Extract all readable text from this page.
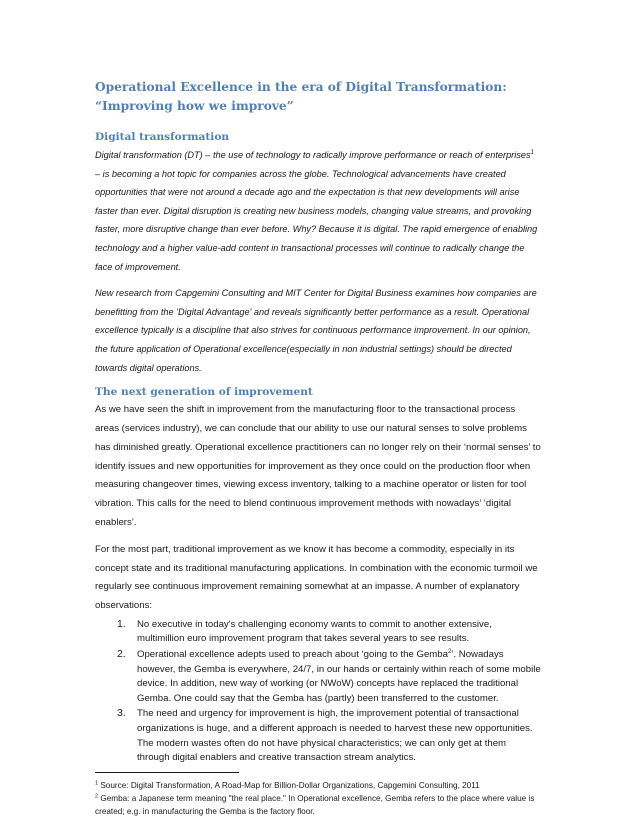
Operational Excellence in the era of Digital Transformation: “Improving how we improve”
Digital transformation

Digital transformation (DT) – the use of technology to radically improve performance or reach of enterprises$^1$ – is becoming a hot topic for companies across the globe. Technological advancements have created opportunities that were not around a decade ago and the expectation is that new developments will arise faster than ever. Digital disruption is creating new business models, changing value streams, and provoking faster, more disruptive change than ever before. Why? Because it is digital. The rapid emergence of enabling technology and a higher value-add content in transactional processes will continue to radically change the face of improvement.

New research from Capgemini Consulting and MIT Center for Digital Business examines how companies are benefitting from the 'Digital Advantage' and reveals significantly better performance as a result. Operational excellence typically is a discipline that also strives for continuous performance improvement. In our opinion, the future application of Operational excellence(especially in non industrial settings) should be directed towards digital operations.

The next generation of improvement

As we have seen the shift in improvement from the manufacturing floor to the transactional process areas (services industry), we can conclude that our ability to use our natural senses to solve problems has diminished greatly. Operational excellence practitioners can no longer rely on their ‘normal senses’ to identify issues and new opportunities for improvement as they once could on the production floor when measuring changeover times, viewing excess inventory, talking to a machine operator or listen for tool vibration. This calls for the need to blend continuous improvement methods with nowadays’ ‘digital enablers’.

For the most part, traditional improvement as we know it has become a commodity, especially in its concept state and its traditional manufacturing applications. In combination with the economic turmoil we regularly see continuous improvement remaining somewhat at an impasse. A number of explanatory observations:

1. No executive in today's challenging economy wants to commit to another extensive, multimillion euro improvement program that takes several years to see results.
2. Operational excellence adepts used to preach about ‘going to the Gemba$^2$’. Nowadays however, the Gemba is everywhere, 24/7, in our hands or certainly within reach of some mobile device. In addition, new way of working (or NWoW) concepts have replaced the traditional Gemba. One could say that the Gemba has (partly) been transferred to the customer.
3. The need and urgency for improvement is high, the improvement potential of transactional organizations is huge, and a different approach is needed to harvest these new opportunities. The modern wastes often do not have physical characteristics; we can only get at them through digital enablers and creative transaction stream analytics.

$^1$ Source: Digital Transformation, A Road-Map for Billion-Dollar Organizations, Capgemini Consulting, 2011

$^2$ Gemba: a Japanese term meaning "the real place." In Operational excellence, Gemba refers to the place where value is created; e.g. in manufacturing the Gemba is the factory floor.
